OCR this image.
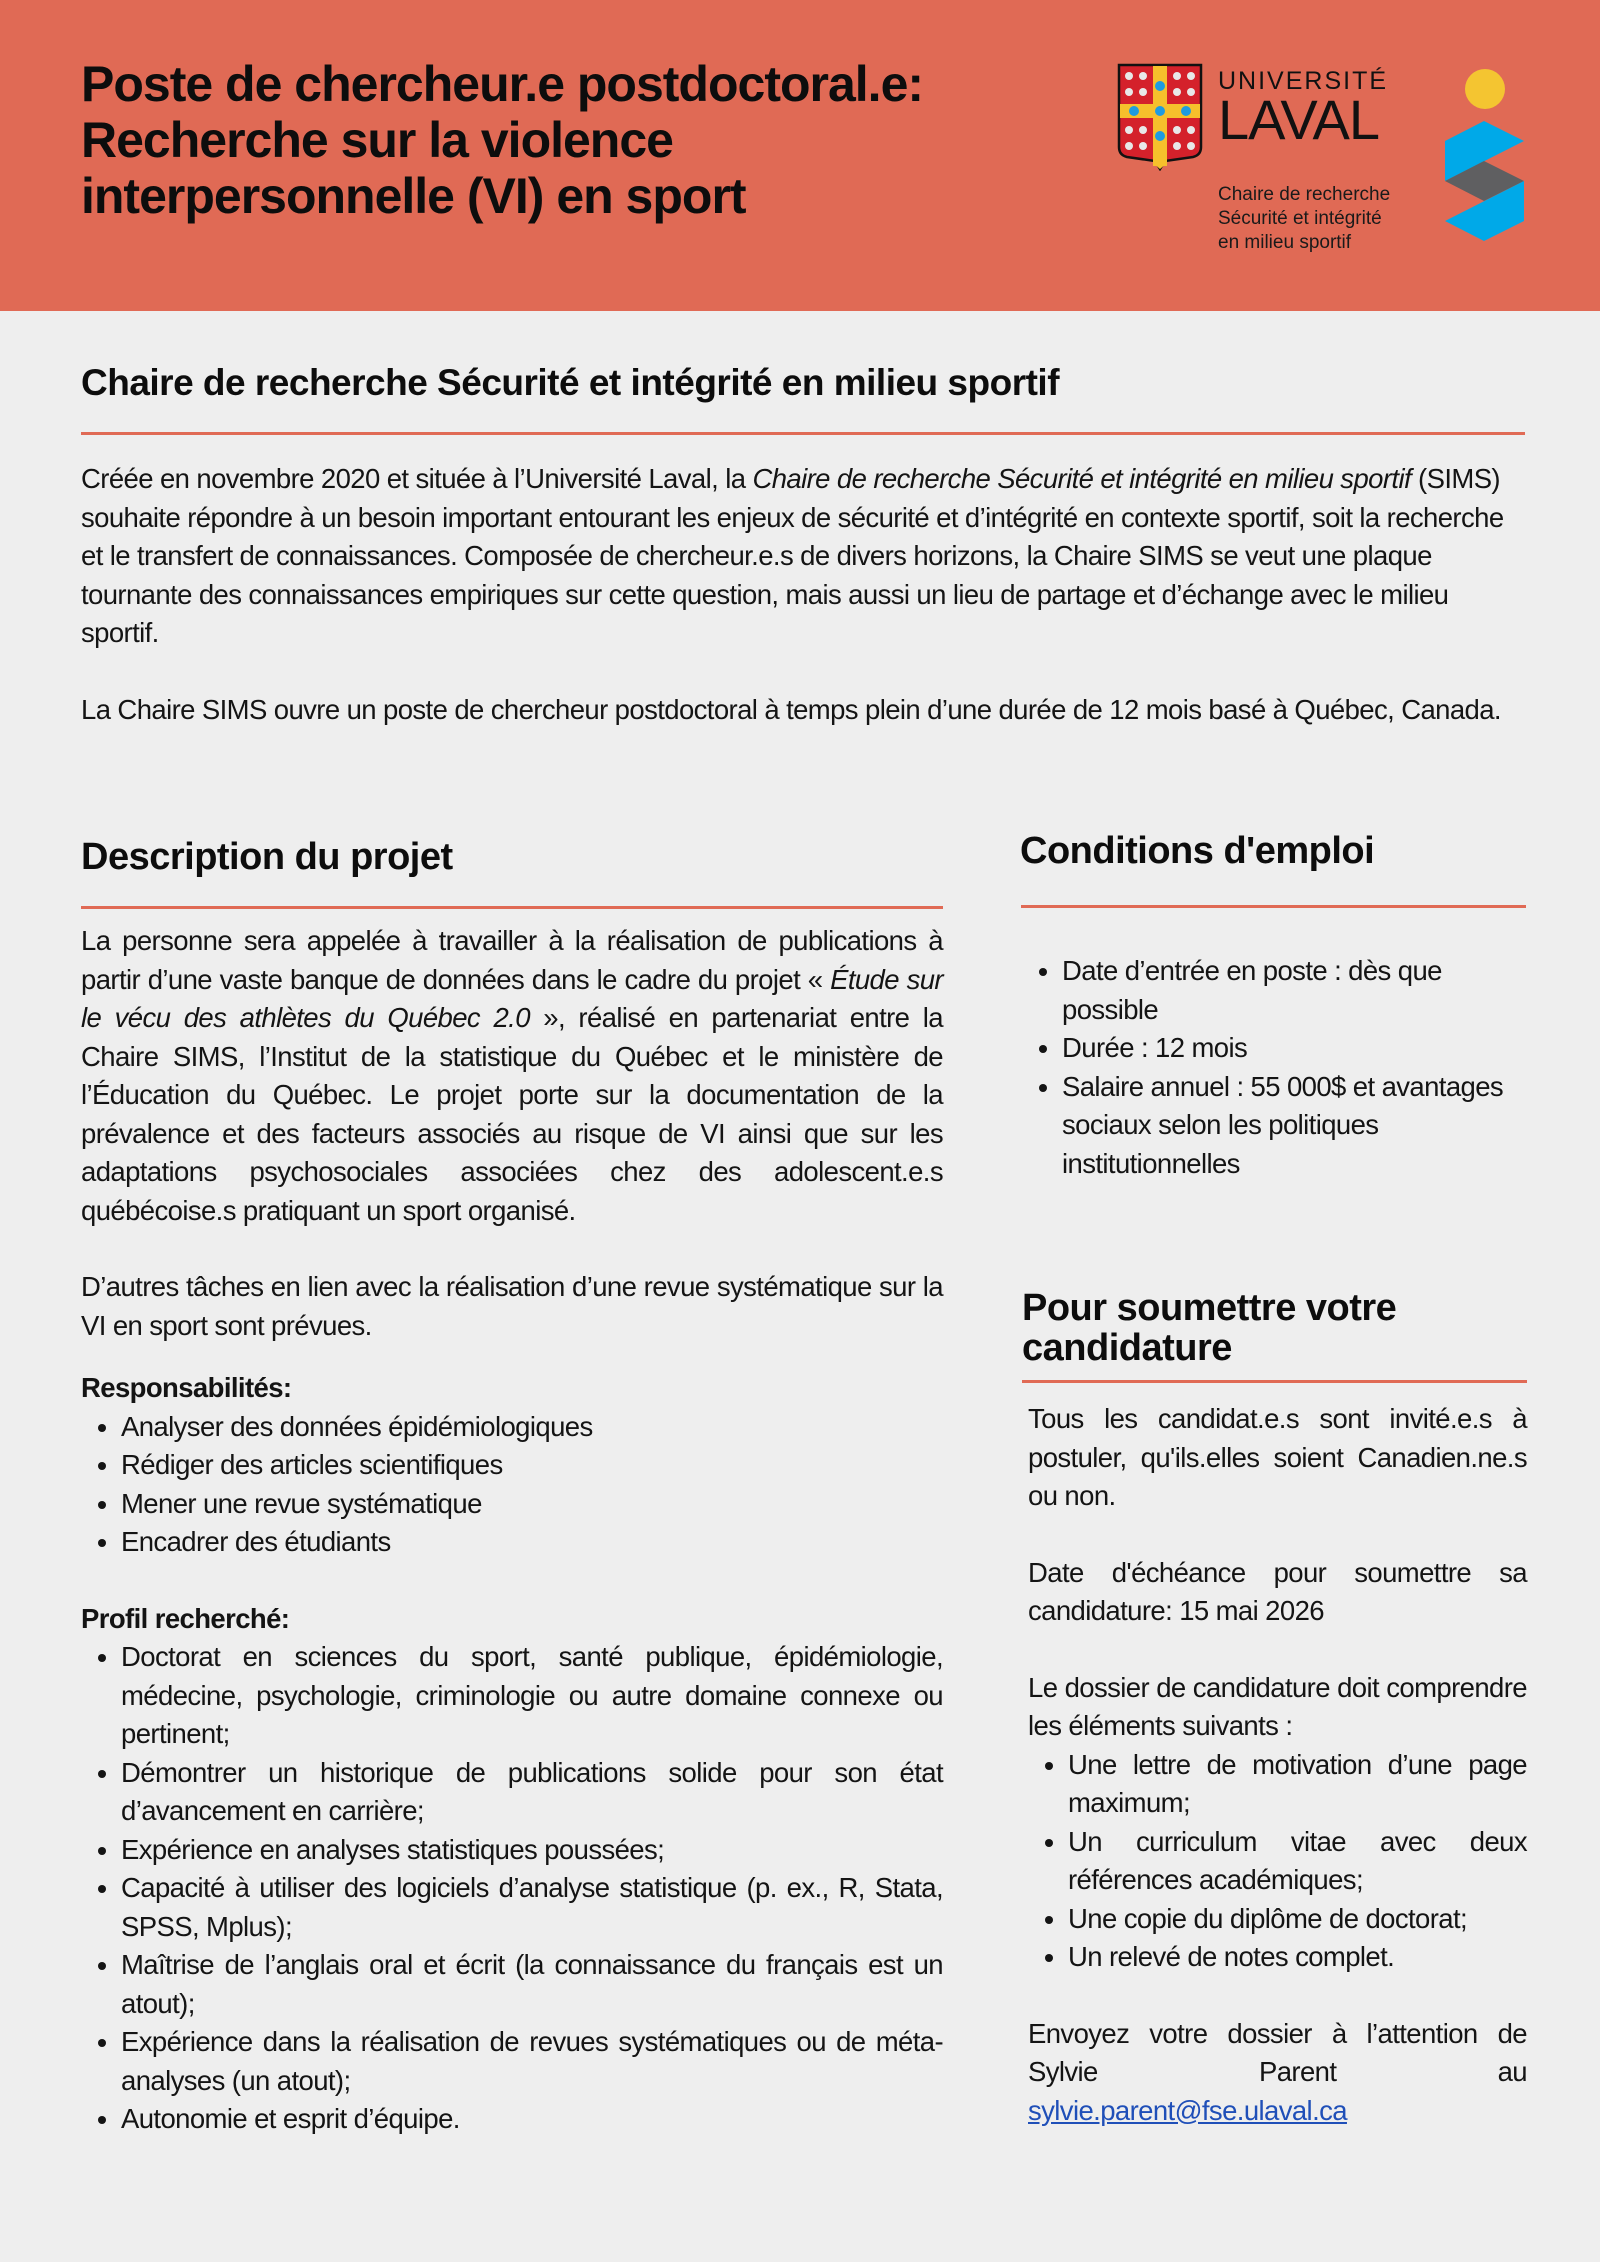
Poste de chercheur.e postdoctoral.e:
Recherche sur la violence
interpersonnelle (VI) en sport
UNIVERSITÉ
LAVAL
Chaire de recherche
Sécurité et intégrité
en milieu sportif
Chaire de recherche Sécurité et intégrité en milieu sportif

Créée en novembre 2020 et située à l’Université Laval, la Chaire de recherche Sécurité et intégrité en milieu sportif (SIMS) souhaite répondre à un besoin important entourant les enjeux de sécurité et d’intégrité en contexte sportif, soit la recherche et le transfert de connaissances. Composée de chercheur.e.s de divers horizons, la Chaire SIMS se veut une plaque tournante des connaissances empiriques sur cette question, mais aussi un lieu de partage et d’échange avec le milieu sportif.

La Chaire SIMS ouvre un poste de chercheur postdoctoral à temps plein d’une durée de 12 mois basé à Québec, Canada.

Description du projet

La personne sera appelée à travailler à la réalisation de publications à partir d’une vaste banque de données dans le cadre du projet « Étude sur le vécu des athlètes du Québec 2.0 », réalisé en partenariat entre la Chaire SIMS, l’Institut de la statistique du Québec et le ministère de l’Éducation du Québec. Le projet porte sur la documentation de la prévalence et des facteurs associés au risque de VI ainsi que sur les adaptations psychosociales associées chez des adolescent.e.s québécoise.s pratiquant un sport organisé.

D’autres tâches en lien avec la réalisation d’une revue systématique sur la VI en sport sont prévues.

Responsabilités:

• Analyser des données épidémiologiques
• Rédiger des articles scientifiques
• Mener une revue systématique
• Encadrer des étudiants

Profil recherché:

• Doctorat en sciences du sport, santé publique, épidémiologie, médecine, psychologie, criminologie ou autre domaine connexe ou pertinent;
• Démontrer un historique de publications solide pour son état d’avancement en carrière;
• Expérience en analyses statistiques poussées;
• Capacité à utiliser des logiciels d’analyse statistique (p. ex., R, Stata, SPSS, Mplus);
• Maîtrise de l’anglais oral et écrit (la connaissance du français est un atout);
• Expérience dans la réalisation de revues systématiques ou de méta-analyses (un atout);
• Autonomie et esprit d’équipe.
Conditions d'emploi
• Date d’entrée en poste : dès que possible
• Durée : 12 mois
• Salaire annuel : 55 000$ et avantages sociaux selon les politiques institutionnelles
Pour soumettre votre candidature

Tous les candidat.e.s sont invité.e.s à postuler, qu'ils.elles soient Canadien.ne.s ou non.

Date d'échéance pour soumettre sa candidature: 15 mai 2026

Le dossier de candidature doit comprendre les éléments suivants :

• Une lettre de motivation d’une page maximum;
• Un curriculum vitae avec deux références académiques;
• Une copie du diplôme de doctorat;
• Un relevé de notes complet.

Envoyez votre dossier à l’attention de Sylvie Parent au sylvie.parent@fse.ulaval.ca
